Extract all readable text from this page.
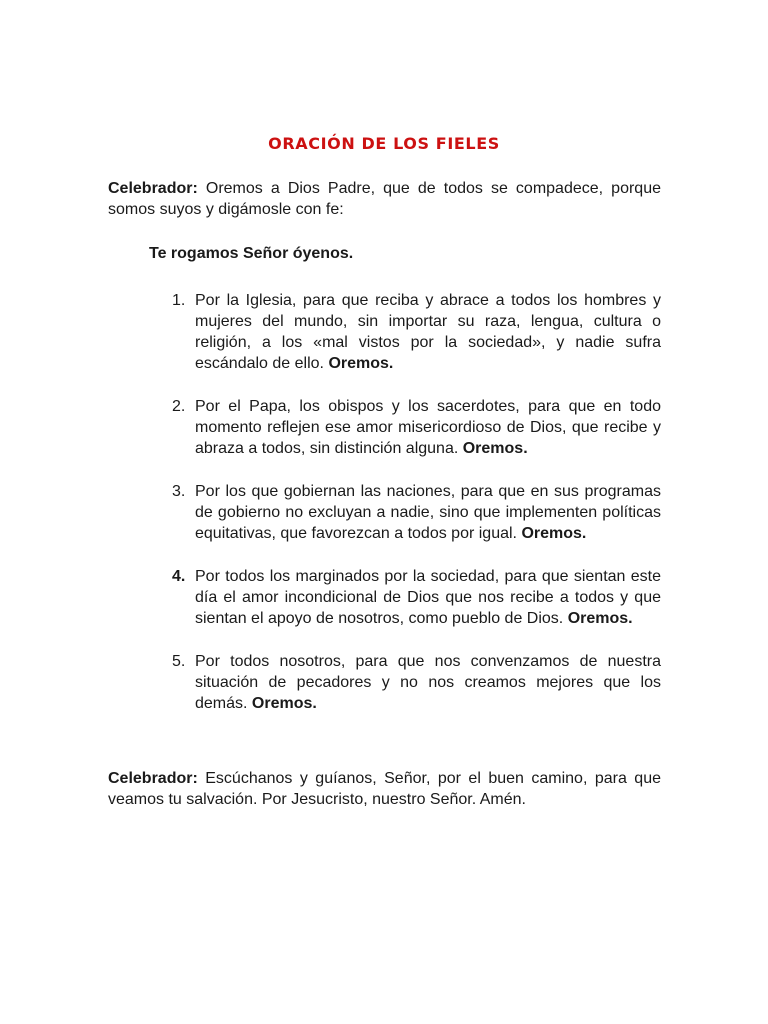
ORACIÓN DE LOS FIELES

Celebrador: Oremos a Dios Padre, que de todos se compadece, porque somos suyos y digámosle con fe:

Te rogamos Señor óyenos.

1. Por la Iglesia, para que reciba y abrace a todos los hombres y mujeres del mundo, sin importar su raza, lengua, cultura o religión, a los «mal vistos por la sociedad», y nadie sufra escándalo de ello. Oremos.
2. Por el Papa, los obispos y los sacerdotes, para que en todo momento reflejen ese amor misericordioso de Dios, que recibe y abraza a todos, sin distinción alguna. Oremos.
3. Por los que gobiernan las naciones, para que en sus programas de gobierno no excluyan a nadie, sino que implementen políticas equitativas, que favorezcan a todos por igual. Oremos.
4. Por todos los marginados por la sociedad, para que sientan este día el amor incondicional de Dios que nos recibe a todos y que sientan el apoyo de nosotros, como pueblo de Dios. Oremos.
5. Por todos nosotros, para que nos convenzamos de nuestra situación de pecadores y no nos creamos mejores que los demás. Oremos.

Celebrador: Escúchanos y guíanos, Señor, por el buen camino, para que veamos tu salvación. Por Jesucristo, nuestro Señor. Amén.
